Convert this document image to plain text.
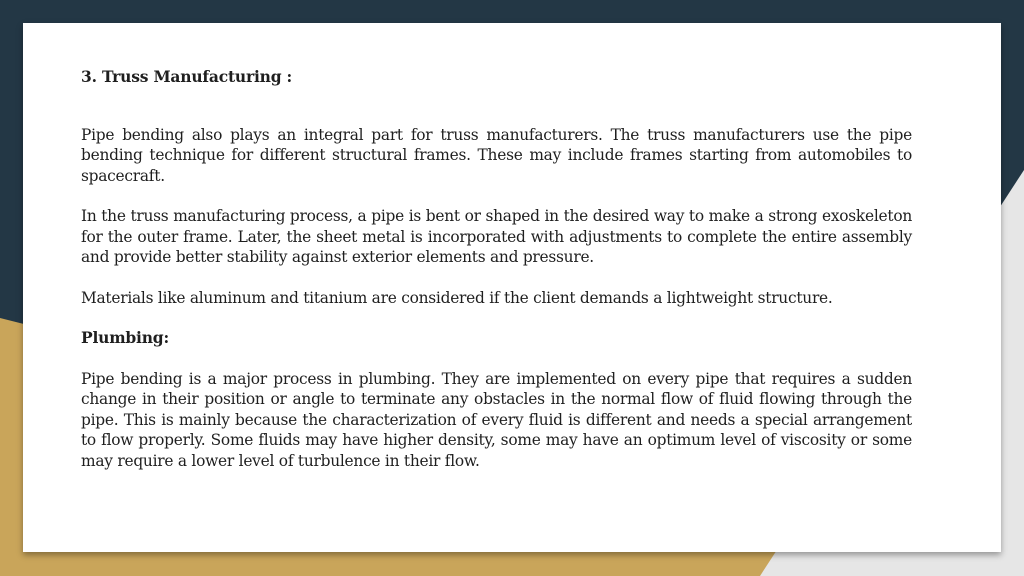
3. Truss Manufacturing :

Pipe bending also plays an integral part for truss manufacturers. The truss manufacturers use the pipe bending technique for different structural frames. These may include frames starting from automobiles to spacecraft.

In the truss manufacturing process, a pipe is bent or shaped in the desired way to make a strong exoskeleton for the outer frame. Later, the sheet metal is incorporated with adjustments to complete the entire assembly and provide better stability against exterior elements and pressure.

Materials like aluminum and titanium are considered if the client demands a lightweight structure.

Plumbing:

Pipe bending is a major process in plumbing. They are implemented on every pipe that requires a sudden change in their position or angle to terminate any obstacles in the normal flow of fluid flowing through the pipe. This is mainly because the characterization of every fluid is different and needs a special arrangement to flow properly. Some fluids may have higher density, some may have an optimum level of viscosity or some may require a lower level of turbulence in their flow.
